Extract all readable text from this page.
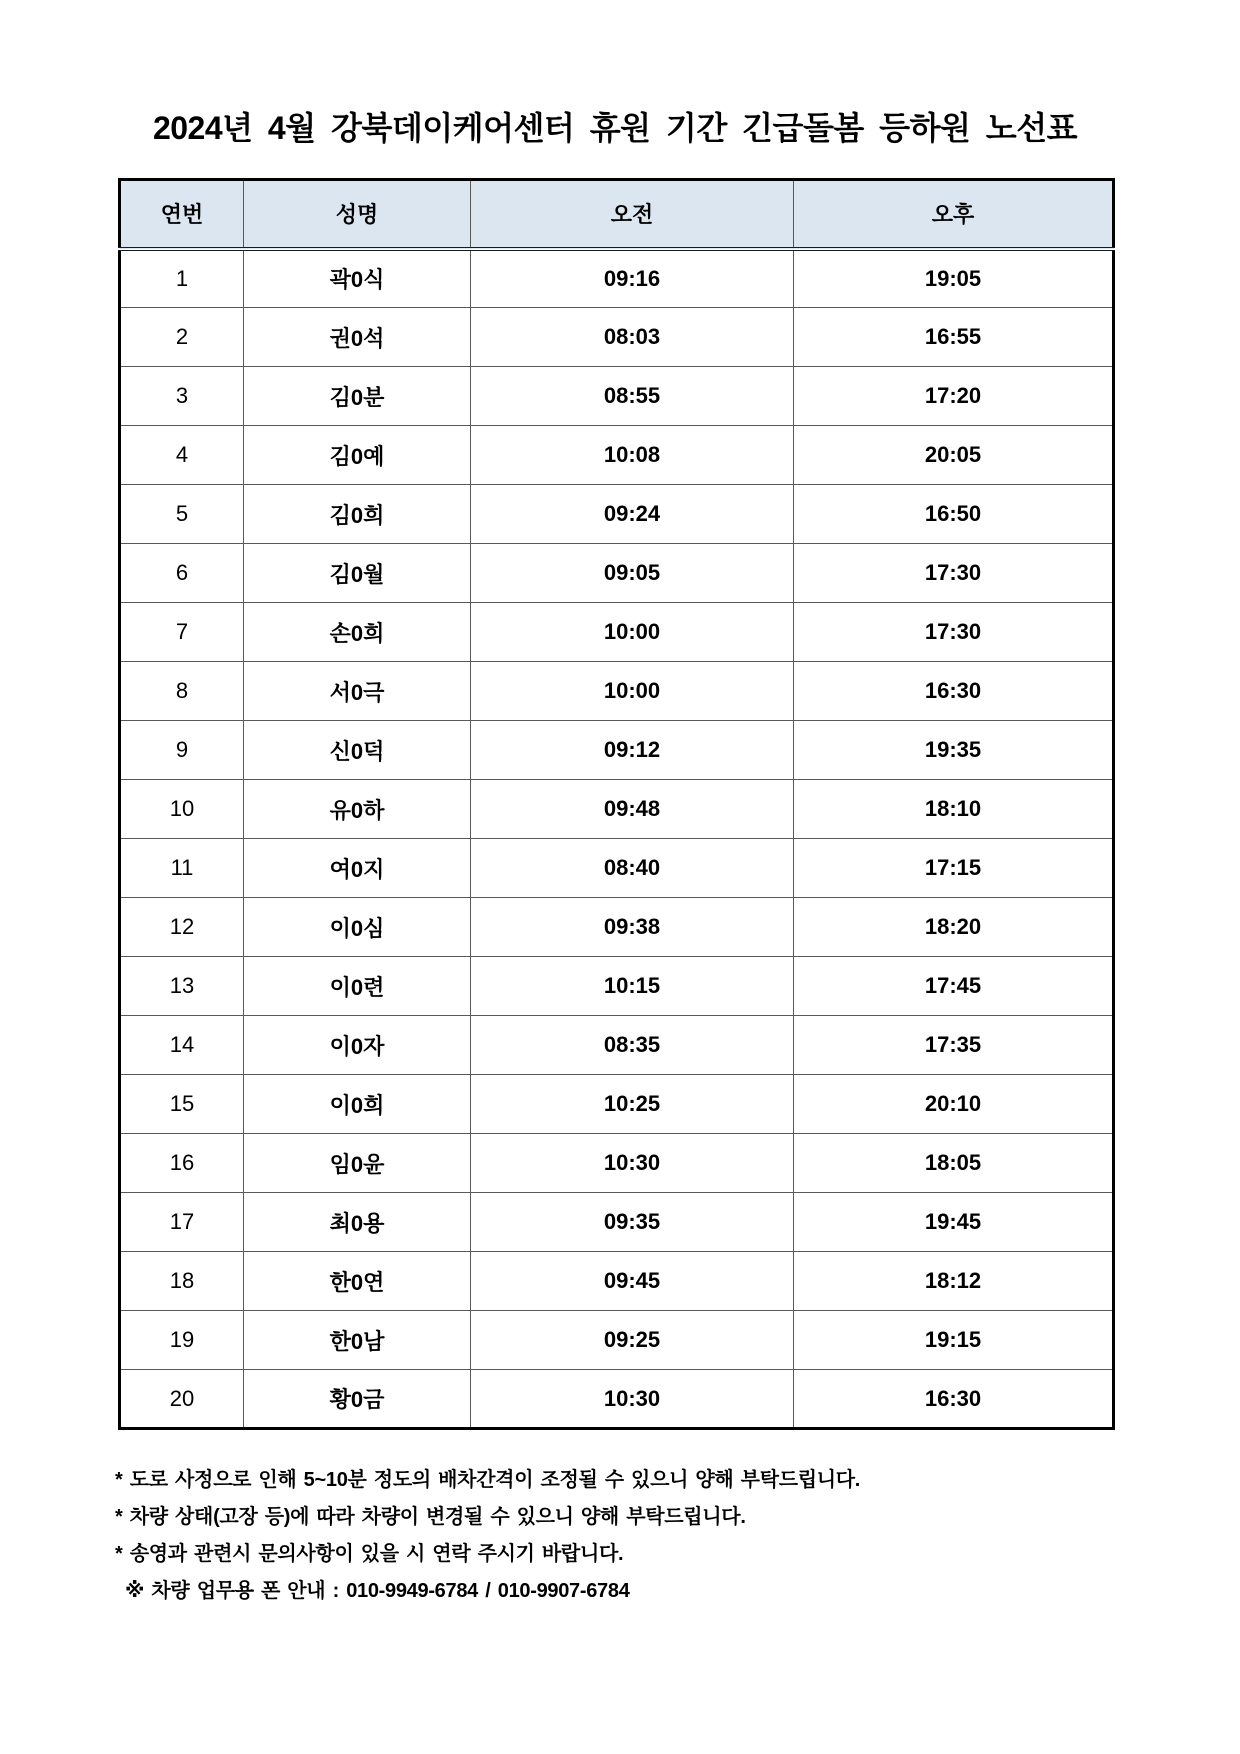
2024년 4월 강북데이케어센터 휴원 기간 긴급돌봄 등하원 노선표
연번	성명	오전	오후
1	곽0식	09:16	19:05
2	권0석	08:03	16:55
3	김0분	08:55	17:20
4	김0예	10:08	20:05
5	김0희	09:24	16:50
6	김0월	09:05	17:30
7	손0희	10:00	17:30
8	서0극	10:00	16:30
9	신0덕	09:12	19:35
10	유0하	09:48	18:10
11	여0지	08:40	17:15
12	이0심	09:38	18:20
13	이0련	10:15	17:45
14	이0자	08:35	17:35
15	이0희	10:25	20:10
16	임0윤	10:30	18:05
17	최0용	09:35	19:45
18	한0연	09:45	18:12
19	한0남	09:25	19:15
20	황0금	10:30	16:30
* 도로 사정으로 인해 5~10분 정도의 배차간격이 조정될 수 있으니 양해 부탁드립니다.
* 차량 상태(고장 등)에 따라 차량이 변경될 수 있으니 양해 부탁드립니다.
* 송영과 관련시 문의사항이 있을 시 연락 주시기 바랍니다.
※ 차량 업무용 폰 안내 : 010-9949-6784 / 010-9907-6784
